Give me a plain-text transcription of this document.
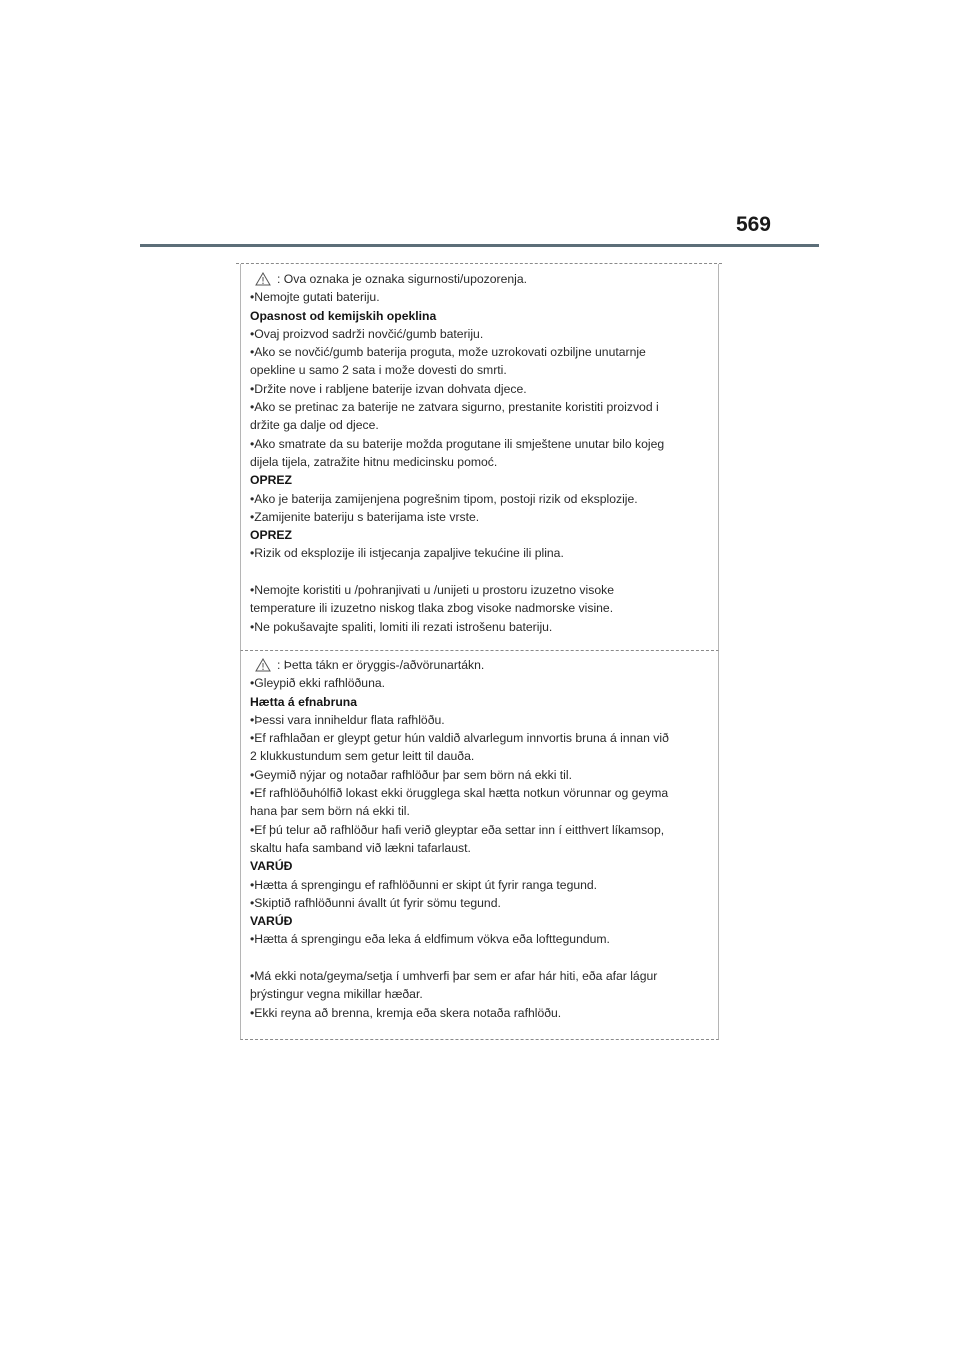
569
: Ova oznaka je oznaka sigurnosti/upozorenja.
•Nemojte gutati bateriju.
Opasnost od kemijskih opeklina
•Ovaj proizvod sadrži novčić/gumb bateriju.
•Ako se novčić/gumb baterija proguta, može uzrokovati ozbiljne unutarnje
opekline u samo 2 sata i može dovesti do smrti.
•Držite nove i rabljene baterije izvan dohvata djece.
•Ako se pretinac za baterije ne zatvara sigurno, prestanite koristiti proizvod i
držite ga dalje od djece.
•Ako smatrate da su baterije možda progutane ili smještene unutar bilo kojeg
dijela tijela, zatražite hitnu medicinsku pomoć.
OPREZ
•Ako je baterija zamijenjena pogrešnim tipom, postoji rizik od eksplozije.
•Zamijenite bateriju s baterijama iste vrste.
OPREZ
•Rizik od eksplozije ili istjecanja zapaljive tekućine ili plina.
•Nemojte koristiti u /pohranjivati u /unijeti u prostoru izuzetno visoke
temperature ili izuzetno niskog tlaka zbog visoke nadmorske visine.
•Ne pokušavajte spaliti, lomiti ili rezati istrošenu bateriju.
: Þetta tákn er öryggis-/aðvörunartákn.
•Gleypið ekki rafhlöðuna.
Hætta á efnabruna
•Þessi vara inniheldur flata rafhlöðu.
•Ef rafhlaðan er gleypt getur hún valdið alvarlegum innvortis bruna á innan við
2 klukkustundum sem getur leitt til dauða.
•Geymið nýjar og notaðar rafhlöður þar sem börn ná ekki til.
•Ef rafhlöðuhólfið lokast ekki örugglega skal hætta notkun vörunnar og geyma
hana þar sem börn ná ekki til.
•Ef þú telur að rafhlöður hafi verið gleyptar eða settar inn í eitthvert líkamsop,
skaltu hafa samband við lækni tafarlaust.
VARÚÐ
•Hætta á sprengingu ef rafhlöðunni er skipt út fyrir ranga tegund.
•Skiptið rafhlöðunni ávallt út fyrir sömu tegund.
VARÚÐ
•Hætta á sprengingu eða leka á eldfimum vökva eða lofttegundum.
•Má ekki nota/geyma/setja í umhverfi þar sem er afar hár hiti, eða afar lágur
þrýstingur vegna mikillar hæðar.
•Ekki reyna að brenna, kremja eða skera notaða rafhlöðu.
